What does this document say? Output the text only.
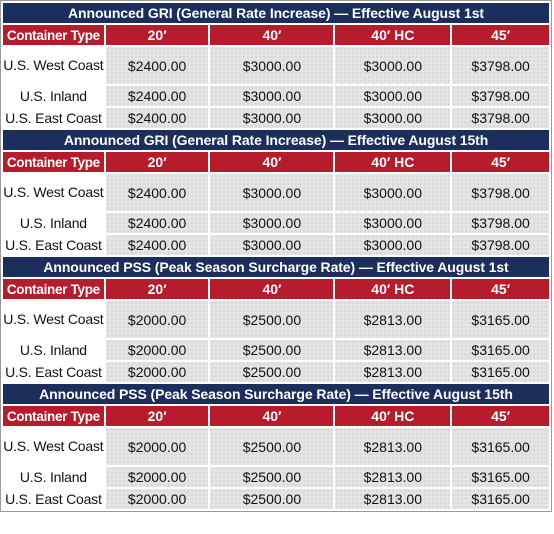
Announced GRI (General Rate Increase) — Effective August 1st				
Container Type	20′	40′	40′ HC	45′
U.S. West Coast	$2400.00	$3000.00	$3000.00	$3798.00
U.S. Inland	$2400.00	$3000.00	$3000.00	$3798.00
U.S. East Coast	$2400.00	$3000.00	$3000.00	$3798.00
Announced GRI (General Rate Increase) — Effective August 15th				
Container Type	20′	40′	40′ HC	45′
U.S. West Coast	$2400.00	$3000.00	$3000.00	$3798.00
U.S. Inland	$2400.00	$3000.00	$3000.00	$3798.00
U.S. East Coast	$2400.00	$3000.00	$3000.00	$3798.00
Announced PSS (Peak Season Surcharge Rate) — Effective August 1st				
Container Type	20′	40′	40′ HC	45′
U.S. West Coast	$2000.00	$2500.00	$2813.00	$3165.00
U.S. Inland	$2000.00	$2500.00	$2813.00	$3165.00
U.S. East Coast	$2000.00	$2500.00	$2813.00	$3165.00
Announced PSS (Peak Season Surcharge Rate) — Effective August 15th				
Container Type	20′	40′	40′ HC	45′
U.S. West Coast	$2000.00	$2500.00	$2813.00	$3165.00
U.S. Inland	$2000.00	$2500.00	$2813.00	$3165.00
U.S. East Coast	$2000.00	$2500.00	$2813.00	$3165.00
